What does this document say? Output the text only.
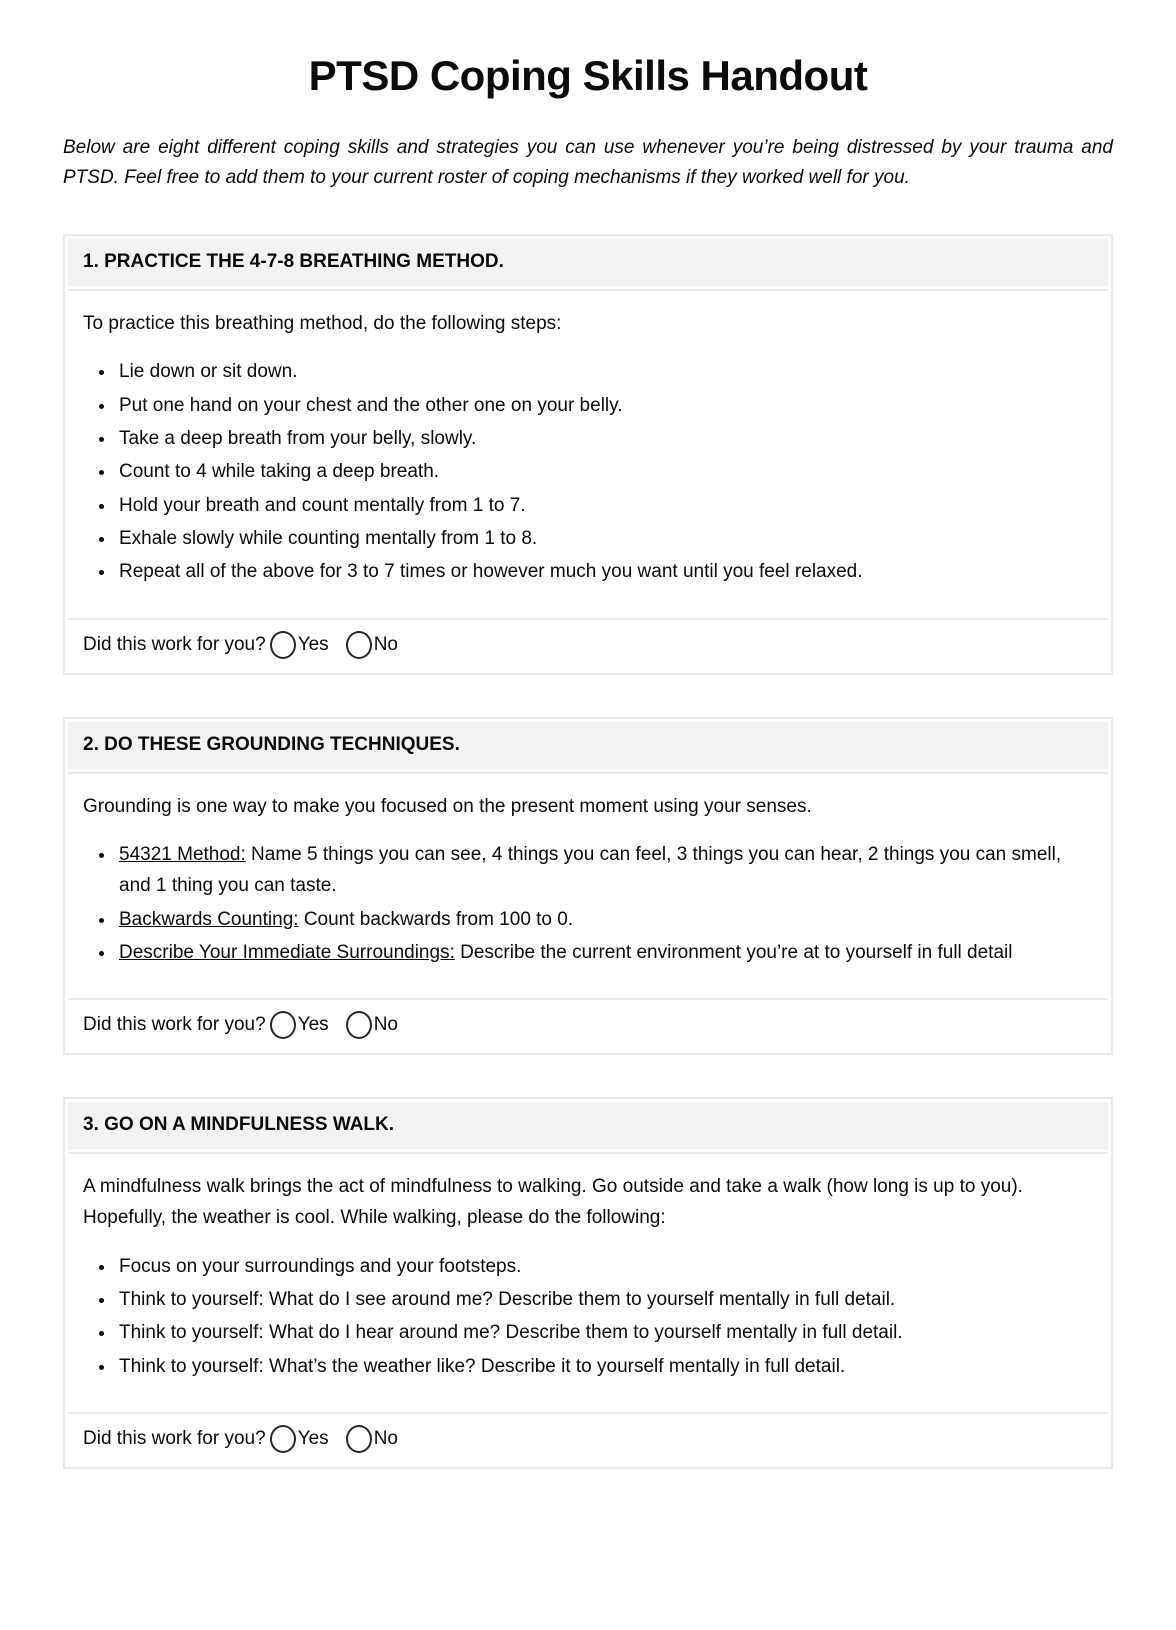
PTSD Coping Skills Handout

Below are eight different coping skills and strategies you can use whenever you’re being distressed by your trauma and PTSD. Feel free to add them to your current roster of coping mechanisms if they worked well for you.

1. PRACTICE THE 4-7-8 BREATHING METHOD.

To practice this breathing method, do the following steps:

• Lie down or sit down.
• Put one hand on your chest and the other one on your belly.
• Take a deep breath from your belly, slowly.
• Count to 4 while taking a deep breath.
• Hold your breath and count mentally from 1 to 7.
• Exhale slowly while counting mentally from 1 to 8.
• Repeat all of the above for 3 to 7 times or however much you want until you feel relaxed.
Did this work for you? Yes No
2. DO THESE GROUNDING TECHNIQUES.

Grounding is one way to make you focused on the present moment using your senses.

• 54321 Method: Name 5 things you can see, 4 things you can feel, 3 things you can hear, 2 things you can smell, and 1 thing you can taste.
• Backwards Counting: Count backwards from 100 to 0.
• Describe Your Immediate Surroundings: Describe the current environment you’re at to yourself in full detail
Did this work for you? Yes No
3. GO ON A MINDFULNESS WALK.

A mindfulness walk brings the act of mindfulness to walking. Go outside and take a walk (how long is up to you). Hopefully, the weather is cool. While walking, please do the following:

• Focus on your surroundings and your footsteps.
• Think to yourself: What do I see around me? Describe them to yourself mentally in full detail.
• Think to yourself: What do I hear around me? Describe them to yourself mentally in full detail.
• Think to yourself: What’s the weather like? Describe it to yourself mentally in full detail.
Did this work for you? Yes No
